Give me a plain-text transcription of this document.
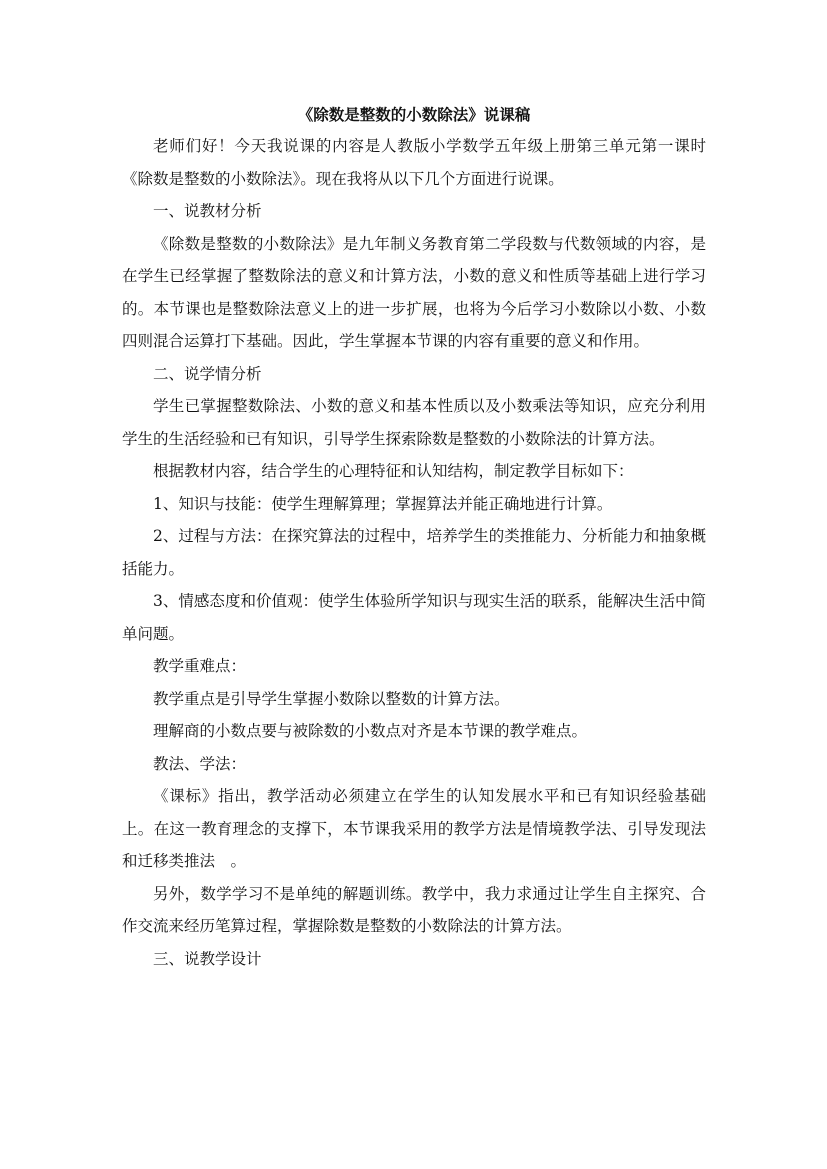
《除数是整数的小数除法》说课稿

老师们好！今天我说课的内容是人教版小学数学五年级上册第三单元第一课时《除数是整数的小数除法》。现在我将从以下几个方面进行说课。

一、说教材分析

《除数是整数的小数除法》是九年制义务教育第二学段数与代数领域的内容，是在学生已经掌握了整数除法的意义和计算方法，小数的意义和性质等基础上进行学习的。本节课也是整数除法意义上的进一步扩展，也将为今后学习小数除以小数、小数四则混合运算打下基础。因此，学生掌握本节课的内容有重要的意义和作用。

二、说学情分析

学生已掌握整数除法、小数的意义和基本性质以及小数乘法等知识，应充分利用学生的生活经验和已有知识，引导学生探索除数是整数的小数除法的计算方法。

根据教材内容，结合学生的心理特征和认知结构，制定教学目标如下：

1、知识与技能：使学生理解算理；掌握算法并能正确地进行计算。

2、过程与方法：在探究算法的过程中，培养学生的类推能力、分析能力和抽象概括能力。

3、情感态度和价值观：使学生体验所学知识与现实生活的联系，能解决生活中简单问题。

教学重难点：

教学重点是引导学生掌握小数除以整数的计算方法。

理解商的小数点要与被除数的小数点对齐是本节课的教学难点。

教法、学法：

《课标》指出，教学活动必须建立在学生的认知发展水平和已有知识经验基础上。在这一教育理念的支撑下，本节课我采用的教学方法是情境教学法、引导发现法和迁移类推法　。

另外，数学学习不是单纯的解题训练。教学中，我力求通过让学生自主探究、合作交流来经历笔算过程，掌握除数是整数的小数除法的计算方法。

三、说教学设计
